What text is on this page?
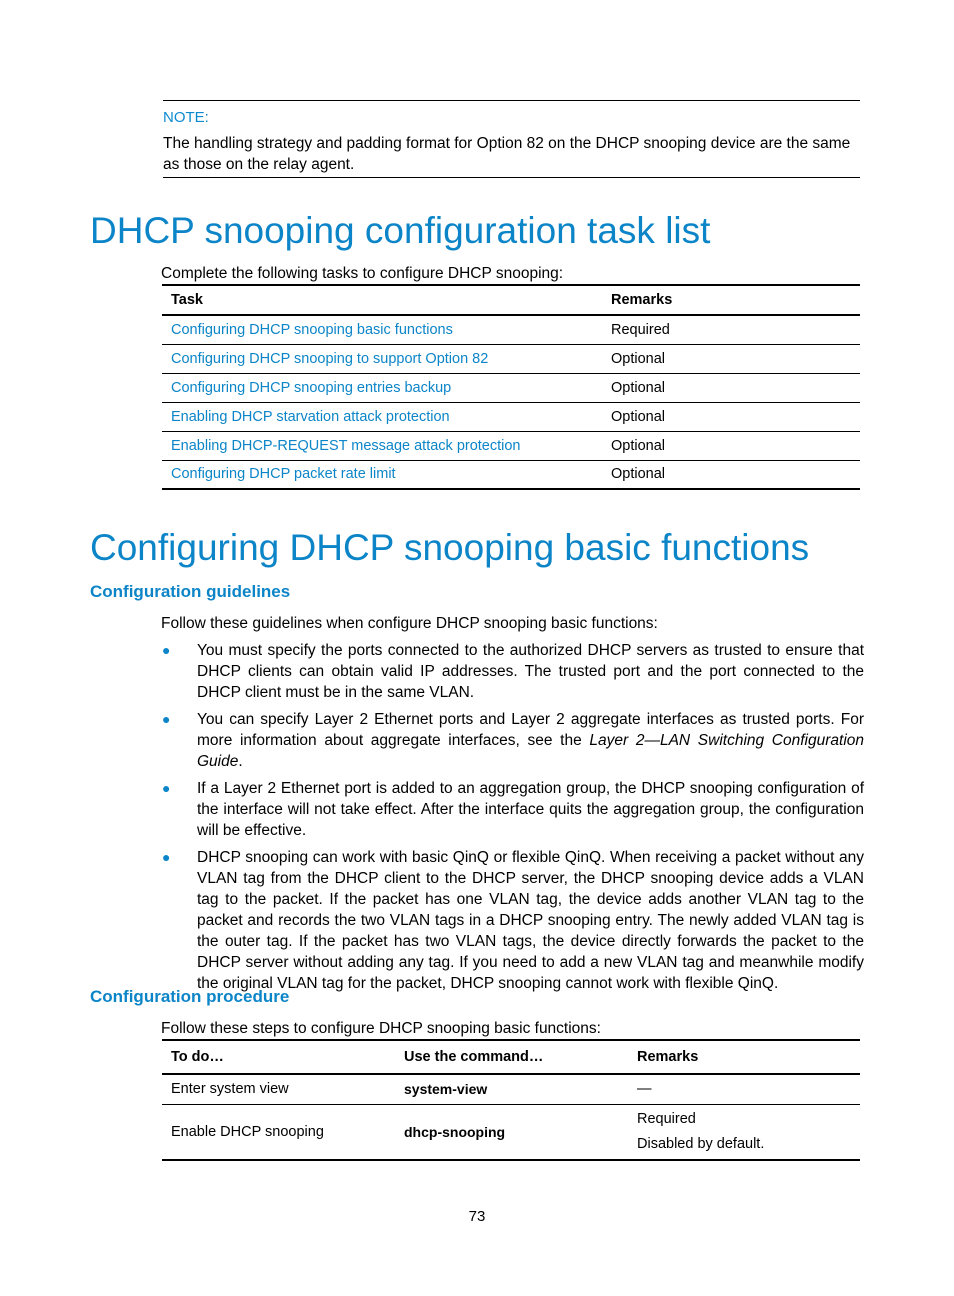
NOTE:
The handling strategy and padding format for Option 82 on the DHCP snooping device are the same as those on the relay agent.
DHCP snooping configuration task list
Complete the following tasks to configure DHCP snooping:
Task	Remarks
Configuring DHCP snooping basic functions	Required
Configuring DHCP snooping to support Option 82	Optional
Configuring DHCP snooping entries backup	Optional
Enabling DHCP starvation attack protection	Optional
Enabling DHCP-REQUEST message attack protection	Optional
Configuring DHCP packet rate limit	Optional
Configuring DHCP snooping basic functions
Configuration guidelines
Follow these guidelines when configure DHCP snooping basic functions:
● You must specify the ports connected to the authorized DHCP servers as trusted to ensure that DHCP clients can obtain valid IP addresses. The trusted port and the port connected to the DHCP client must be in the same VLAN.
● You can specify Layer 2 Ethernet ports and Layer 2 aggregate interfaces as trusted ports. For more information about aggregate interfaces, see the Layer 2—LAN Switching Configuration Guide.
● If a Layer 2 Ethernet port is added to an aggregation group, the DHCP snooping configuration of the interface will not take effect. After the interface quits the aggregation group, the configuration will be effective.
● DHCP snooping can work with basic QinQ or flexible QinQ. When receiving a packet without any VLAN tag from the DHCP client to the DHCP server, the DHCP snooping device adds a VLAN tag to the packet. If the packet has one VLAN tag, the device adds another VLAN tag to the packet and records the two VLAN tags in a DHCP snooping entry. The newly added VLAN tag is the outer tag. If the packet has two VLAN tags, the device directly forwards the packet to the DHCP server without adding any tag. If you need to add a new VLAN tag and meanwhile modify the original VLAN tag for the packet, DHCP snooping cannot work with flexible QinQ.
Configuration procedure
Follow these steps to configure DHCP snooping basic functions:
To do…	Use the command…	Remarks
Enter system view	system-view	—
Enable DHCP snooping	dhcp-snooping	Required
Disabled by default.
73
